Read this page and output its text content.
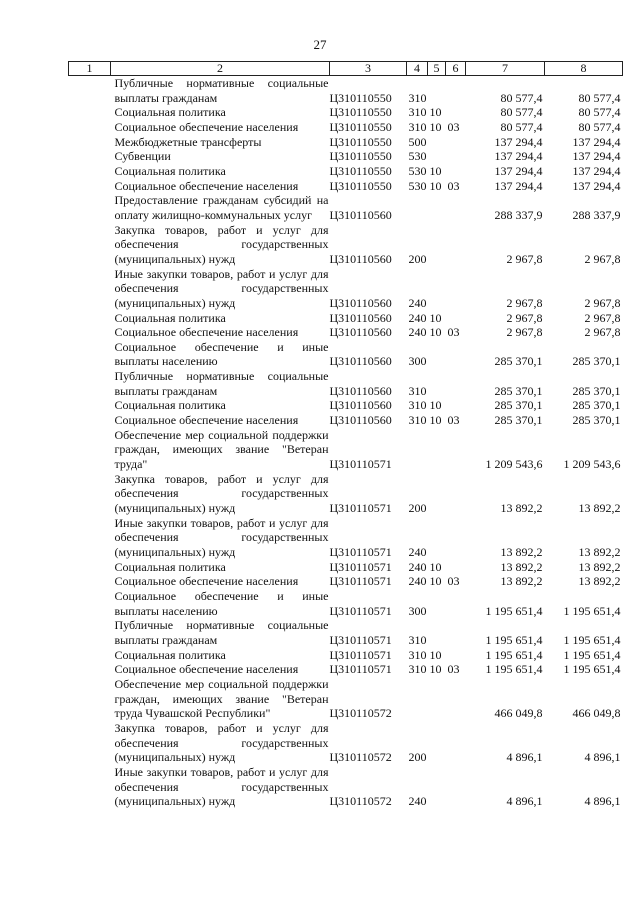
27
1	2	3	4	5	6	7	8
	Публичные нормативные социальные выплаты гражданам	Ц310110550	310			80 577,4	80 577,4
	Социальная политика	Ц310110550	310	10		80 577,4	80 577,4
	Социальное обеспечение населения	Ц310110550	310	10	03	80 577,4	80 577,4
	Межбюджетные трансферты	Ц310110550	500			137 294,4	137 294,4
	Субвенции	Ц310110550	530			137 294,4	137 294,4
	Социальная политика	Ц310110550	530	10		137 294,4	137 294,4
	Социальное обеспечение населения	Ц310110550	530	10	03	137 294,4	137 294,4
	Предоставление гражданам субсидий на оплату жилищно-коммунальных услуг	Ц310110560				288 337,9	288 337,9
	Закупка товаров, работ и услуг для обеспечения государственных (муниципальных) нужд	Ц310110560	200			2 967,8	2 967,8
	Иные закупки товаров, работ и услуг для обеспечения государственных (муниципальных) нужд	Ц310110560	240			2 967,8	2 967,8
	Социальная политика	Ц310110560	240	10		2 967,8	2 967,8
	Социальное обеспечение населения	Ц310110560	240	10	03	2 967,8	2 967,8
	Социальное обеспечение и иные выплаты населению	Ц310110560	300			285 370,1	285 370,1
	Публичные нормативные социальные выплаты гражданам	Ц310110560	310			285 370,1	285 370,1
	Социальная политика	Ц310110560	310	10		285 370,1	285 370,1
	Социальное обеспечение населения	Ц310110560	310	10	03	285 370,1	285 370,1
	Обеспечение мер социальной поддержки граждан, имеющих звание "Ветеран труда"	Ц310110571				1 209 543,6	1 209 543,6
	Закупка товаров, работ и услуг для обеспечения государственных (муниципальных) нужд	Ц310110571	200			13 892,2	13 892,2
	Иные закупки товаров, работ и услуг для обеспечения государственных (муниципальных) нужд	Ц310110571	240			13 892,2	13 892,2
	Социальная политика	Ц310110571	240	10		13 892,2	13 892,2
	Социальное обеспечение населения	Ц310110571	240	10	03	13 892,2	13 892,2
	Социальное обеспечение и иные выплаты населению	Ц310110571	300			1 195 651,4	1 195 651,4
	Публичные нормативные социальные выплаты гражданам	Ц310110571	310			1 195 651,4	1 195 651,4
	Социальная политика	Ц310110571	310	10		1 195 651,4	1 195 651,4
	Социальное обеспечение населения	Ц310110571	310	10	03	1 195 651,4	1 195 651,4
	Обеспечение мер социальной поддержки граждан, имеющих звание "Ветеран труда Чувашской Республики"	Ц310110572				466 049,8	466 049,8
	Закупка товаров, работ и услуг для обеспечения государственных (муниципальных) нужд	Ц310110572	200			4 896,1	4 896,1
	Иные закупки товаров, работ и услуг для обеспечения государственных (муниципальных) нужд	Ц310110572	240			4 896,1	4 896,1
